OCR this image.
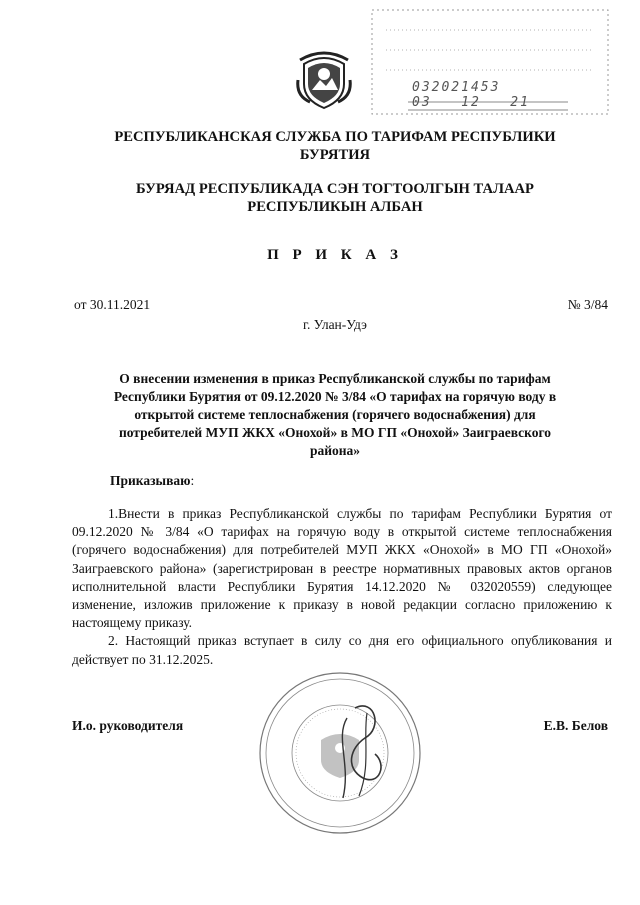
03202145З
03   12   21
РЕСПУБЛИКАНСКАЯ СЛУЖБА ПО ТАРИФАМ РЕСПУБЛИКИ
БУРЯТИЯ
БУРЯАД РЕСПУБЛИКАДА СЭН ТОГТООЛГЫН ТАЛААР
РЕСПУБЛИКЫН АЛБАН
П Р И К А З
от 30.11.2021	№ 3/84
г. Улан-Удэ
О внесении изменения в приказ Республиканской службы по тарифам
Республики Бурятия от 09.12.2020 № 3/84 «О тарифах на горячую воду в
открытой системе теплоснабжения (горячего водоснабжения) для
потребителей МУП ЖКХ «Онохой» в МО ГП «Онохой» Заиграевского
района»
Приказываю:

1.Внести в приказ Республиканской службы по тарифам Республики Бурятия от 09.12.2020 № 3/84 «О тарифах на горячую воду в открытой системе теплоснабжения (горячего водоснабжения) для потребителей МУП ЖКХ «Онохой» в МО ГП «Онохой» Заиграевского района» (зарегистрирован в реестре нормативных правовых актов органов исполнительной власти Республики Бурятия 14.12.2020 № 032020559) следующее изменение, изложив приложение к приказу в новой редакции согласно приложению к настоящему приказу.

2. Настоящий приказ вступает в силу со дня его официального опубликования и действует по 31.12.2025.

И.о. руководителя	Е.В. Белов
